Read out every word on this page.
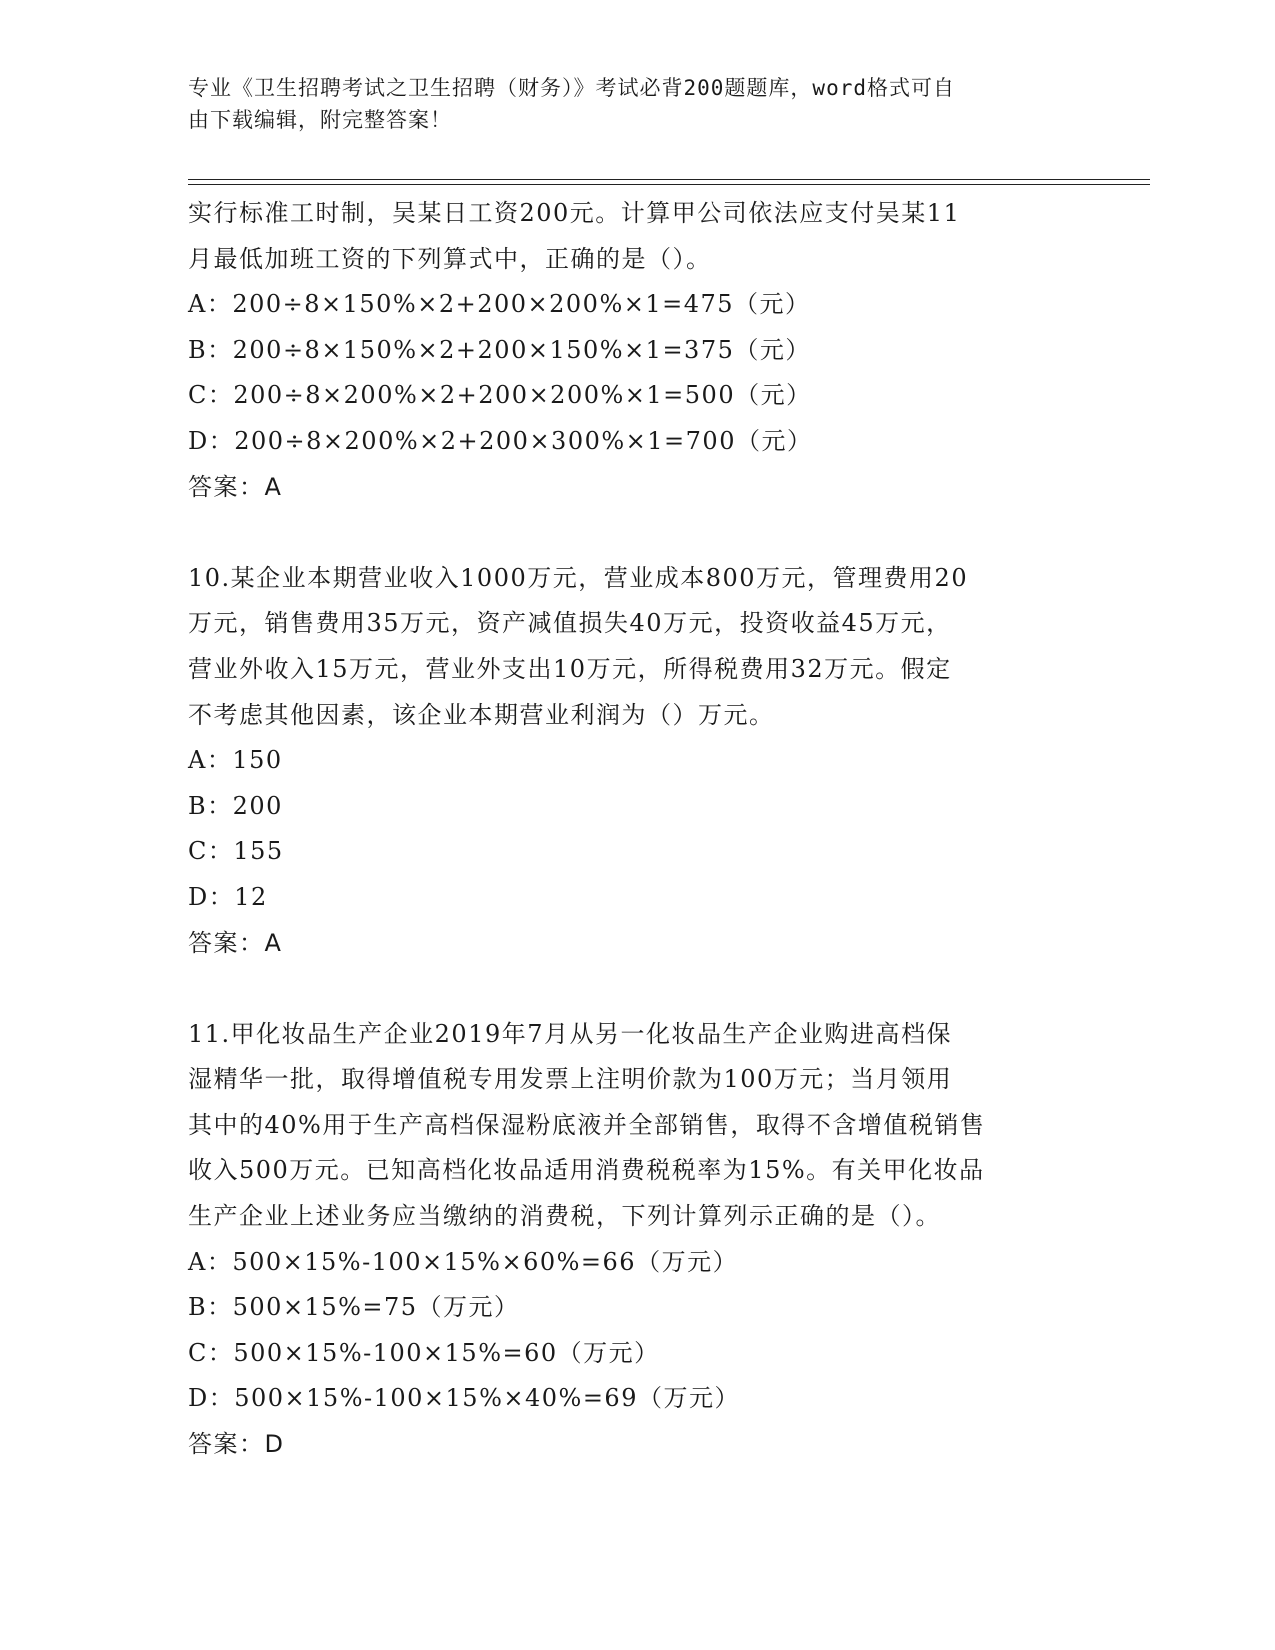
专业《卫生招聘考试之卫生招聘（财务）》考试必背200题题库，word格式可自
由下载编辑，附完整答案！
实行标准工时制，吴某日工资200元。计算甲公司依法应支付吴某11
月最低加班工资的下列算式中，正确的是（）。
A：200÷8×150%×2+200×200%×1=475（元）
B：200÷8×150%×2+200×150%×1=375（元）
C：200÷8×200%×2+200×200%×1=500（元）
D：200÷8×200%×2+200×300%×1=700（元）
答案：A
10.某企业本期营业收入1000万元，营业成本800万元，管理费用20
万元，销售费用35万元，资产减值损失40万元，投资收益45万元，
营业外收入15万元，营业外支出10万元，所得税费用32万元。假定
不考虑其他因素，该企业本期营业利润为（）万元。
A：150
B：200
C：155
D：12
答案：A
11.甲化妆品生产企业2019年7月从另一化妆品生产企业购进高档保
湿精华一批，取得增值税专用发票上注明价款为100万元；当月领用
其中的40%用于生产高档保湿粉底液并全部销售，取得不含增值税销售
收入500万元。已知高档化妆品适用消费税税率为15%。有关甲化妆品
生产企业上述业务应当缴纳的消费税，下列计算列示正确的是（）。
A：500×15%-100×15%×60%=66（万元）
B：500×15%=75（万元）
C：500×15%-100×15%=60（万元）
D：500×15%-100×15%×40%=69（万元）
答案：D
